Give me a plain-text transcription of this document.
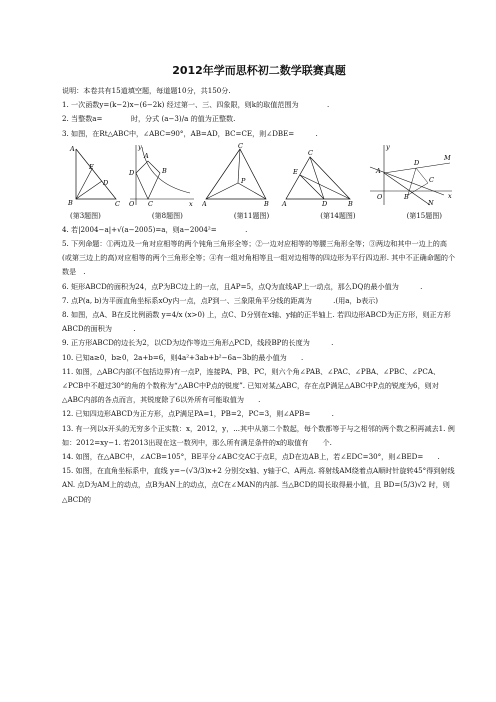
2012年学而思杯初二数学联赛真题

说明：本卷共有15道填空题，每道题10分，共150分.

1. 一次函数y=(k−2)x−(6−2k) 经过第一、三、四象限，则k的取值范围为　　　　.

2. 当整数a=　　　　时，分式 (a−3)/a 的值为正整数.

3. 如图，在Rt△ABC中，∠ABC=90°，AB=AD，BC=CE，则∠DBE=　　　.

A
E
B
D
C
y
A
D	B
O C	x
C
P
A	B
C
E
A	D	B
y
A
D
M
C
O	B
N
x
(第3题图)	(第8题图)	(第11题图)	(第14题图)	(第15题图)

4. 若|2004−a|+√(a−2005)=a，则a−2004²=　　　　.

5. 下列命题：①两边及一角对应相等的两个钝角三角形全等；②一边对应相等的等腰三角形全等；③两边和其中一边上的高(或第三边上的高)对应相等的两个三角形全等；④有一组对角相等且一组对边相等的四边形为平行四边形. 其中不正确命题的个数是　.

6. 矩形ABCD的面积为24，点P为BC边上的一点，且AP=5，点Q为直线AP上一动点，那么DQ的最小值为　　　.

7. 点P(a, b)为平面直角坐标系xOy内一点，点P到一、三象限角平分线的距离为　　　.(用a，b表示)

8. 如图，点A、B在反比例函数 y=4/x (x>0) 上，点C、D分别在x轴、y轴的正半轴上. 若四边形ABCD为正方形，则正方形ABCD的面积为　　　.

9. 正方形ABCD的边长为2，以CD为边作等边三角形△PCD，线段BP的长度为　　　.

10. 已知a≥0，b≥0，2a+b=6，则4a²+3ab+b²−6a−3b的最小值为　　.

11. 如图，△ABC内部(不包括边界)有一点P，连接PA、PB、PC，则六个角∠PAB、∠PAC、∠PBA、∠PBC、∠PCA、∠PCB中不超过30°的角的个数称为“△ABC中P点的锐度”. 已知对某△ABC，存在点P满足△ABC中P点的锐度为6，则对△ABC内部的各点而言，其锐度除了6以外所有可能取值为　　.

12. 已知四边形ABCD为正方形，点P满足PA=1，PB=2，PC=3，则∠APB=　　　.

13. 有一列以x开头的无穷多个正实数：x，2012，y，...其中从第二个数起，每个数都等于与之相邻的两个数之积再减去1. 例如：2012=xy−1. 若2013出现在这一数列中，那么所有满足条件的x的取值有　　个.

14. 如图，在△ABC中，∠ACB=105°，BE平分∠ABC交AC于点E，点D在边AB上，若∠EDC=30°，则∠BED=　　.

15. 如图，在直角坐标系中，直线 y=−(√3/3)x+2 分别交x轴、y轴于C、A两点. 将射线AM绕着点A顺时针旋转45°得到射线AN. 点D为AM上的动点，点B为AN上的动点，点C在∠MAN的内部. 当△BCD的周长取得最小值，且 BD=(5/3)√2 时，则△BCD的
